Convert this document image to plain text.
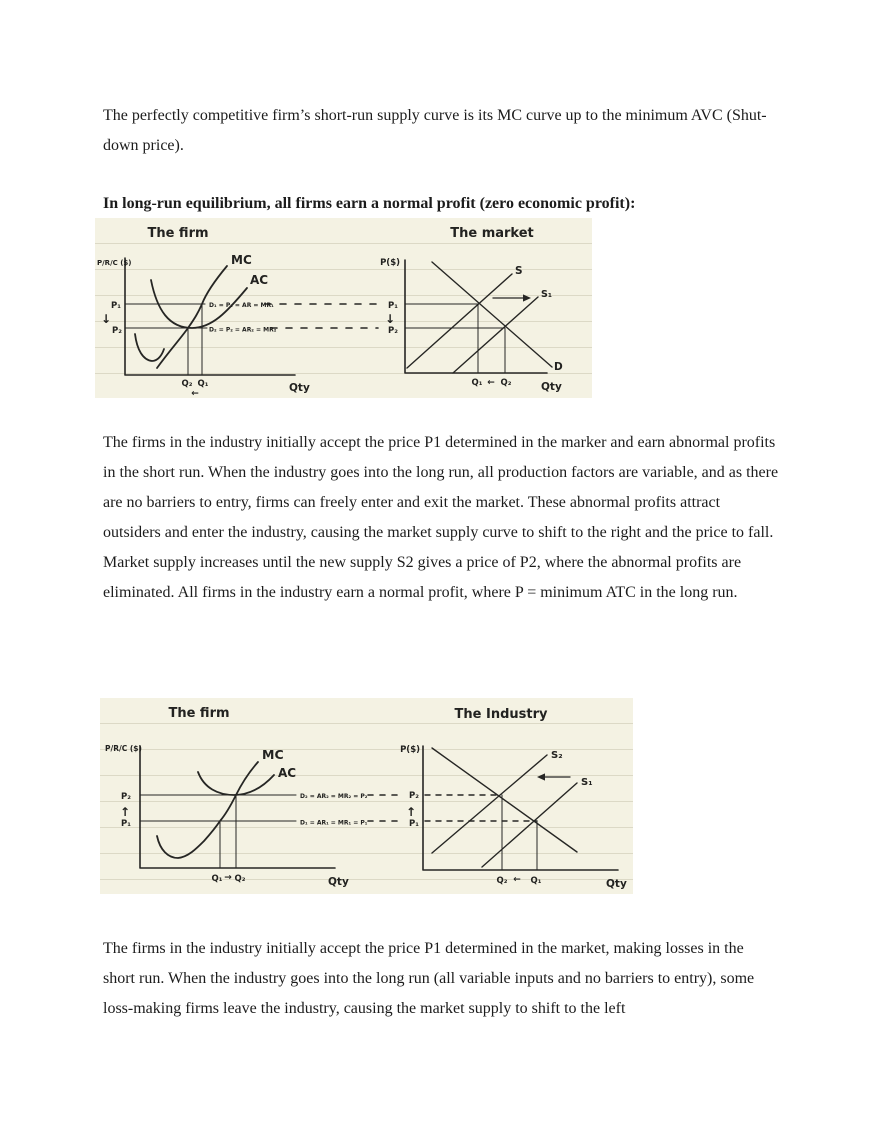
The perfectly competitive firm’s short-run supply curve is its MC curve up to the minimum AVC (Shut-down price).

In long-run equilibrium, all firms earn a normal profit (zero economic profit):

The firm
P/R/C ($)	MC
AC
P₁
P₂
↓
D₁ = P₁ = AR = MR₁
D₂ = P₂ = AR₂ = MR₂
Q₂ Q₁
←	Qty
The market
P($)
S
S₁
D
P₁
P₂
↓
Q₁ ← Q₂	Qty

The firms in the industry initially accept the price P1 determined in the marker and earn abnormal profits in the short run. When the industry goes into the long run, all production factors are variable, and as there are no barriers to entry, firms can freely enter and exit the market. These abnormal profits attract outsiders and enter the industry, causing the market supply curve to shift to the right and the price to fall. Market supply increases until the new supply S2 gives a price of P2, where the abnormal profits are eliminated. All firms in the industry earn a normal profit, where P = minimum ATC in the long run.

The firm
P/R/C ($)	MC
AC
P₂
↑
P₁
D₂ = AR₂ = MR₂ = P₂
D₁ = AR₁ = MR₁ = P₁
Q₁ → Q₂	Qty
The Industry
P($)	S₂
S₁
P₂
↑
P₁
Q₂ ← Q₁	Qty

The firms in the industry initially accept the price P1 determined in the market, making losses in the short run. When the industry goes into the long run (all variable inputs and no barriers to entry), some loss-making firms leave the industry, causing the market supply to shift to the left
